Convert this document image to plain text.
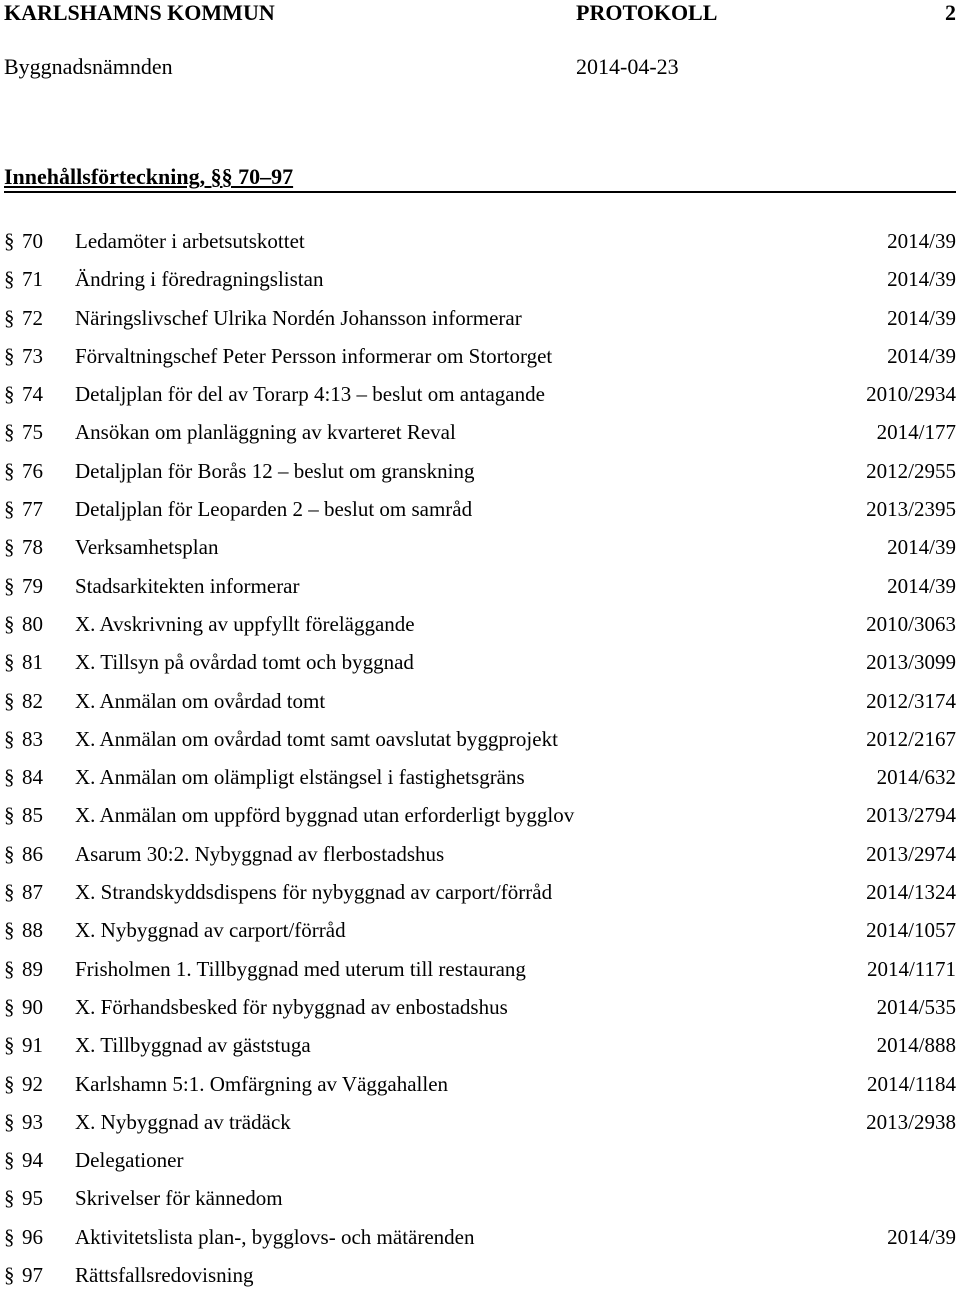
KARLSHAMNS KOMMUN	PROTOKOLL	2
Byggnadsnämnden	2014-04-23
Innehållsförteckning, §§ 70–97
§ 70 Ledamöter i arbetsutskottet	2014/39
§ 71 Ändring i föredragningslistan	2014/39
§ 72 Näringslivschef Ulrika Nordén Johansson informerar	2014/39
§ 73 Förvaltningschef Peter Persson informerar om Stortorget	2014/39
§ 74 Detaljplan för del av Torarp 4:13 – beslut om antagande	2010/2934
§ 75 Ansökan om planläggning av kvarteret Reval	2014/177
§ 76 Detaljplan för Borås 12 – beslut om granskning	2012/2955
§ 77 Detaljplan för Leoparden 2 – beslut om samråd	2013/2395
§ 78 Verksamhetsplan	2014/39
§ 79 Stadsarkitekten informerar	2014/39
§ 80 X. Avskrivning av uppfyllt föreläggande	2010/3063
§ 81 X. Tillsyn på ovårdad tomt och byggnad	2013/3099
§ 82 X. Anmälan om ovårdad tomt	2012/3174
§ 83 X. Anmälan om ovårdad tomt samt oavslutat byggprojekt	2012/2167
§ 84 X. Anmälan om olämpligt elstängsel i fastighetsgräns	2014/632
§ 85 X. Anmälan om uppförd byggnad utan erforderligt bygglov	2013/2794
§ 86 Asarum 30:2. Nybyggnad av flerbostadshus	2013/2974
§ 87 X. Strandskyddsdispens för nybyggnad av carport/förråd	2014/1324
§ 88 X. Nybyggnad av carport/förråd	2014/1057
§ 89 Frisholmen 1. Tillbyggnad med uterum till restaurang	2014/1171
§ 90 X. Förhandsbesked för nybyggnad av enbostadshus	2014/535
§ 91 X. Tillbyggnad av gäststuga	2014/888
§ 92 Karlshamn 5:1. Omfärgning av Väggahallen	2014/1184
§ 93 X. Nybyggnad av trädäck	2013/2938
§ 94 Delegationer
§ 95 Skrivelser för kännedom
§ 96 Aktivitetslista plan-, bygglovs- och mätärenden	2014/39
§ 97 Rättsfallsredovisning
